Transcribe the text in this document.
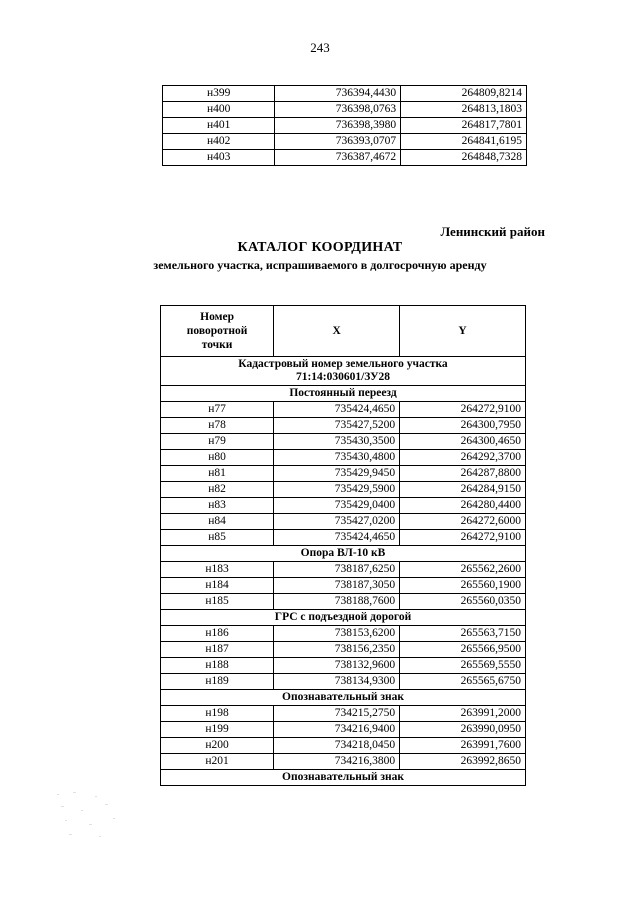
243
н399	736394,4430	264809,8214
н400	736398,0763	264813,1803
н401	736398,3980	264817,7801
н402	736393,0707	264841,6195
н403	736387,4672	264848,7328
Ленинский район
КАТАЛОГ КООРДИНАТ
земельного участка, испрашиваемого в долгосрочную аренду
Номер
поворотной
точки	X	Y

Кадастровый номер земельного участка
71:14:030601/ЗУ28		

Постоянный переезд		
н77	735424,4650	264272,9100
н78	735427,5200	264300,7950
н79	735430,3500	264300,4650
н80	735430,4800	264292,3700
н81	735429,9450	264287,8800
н82	735429,5900	264284,9150
н83	735429,0400	264280,4400
н84	735427,0200	264272,6000
н85	735424,4650	264272,9100
Опора ВЛ-10 кВ		
н183	738187,6250	265562,2600
н184	738187,3050	265560,1900
н185	738188,7600	265560,0350
ГРС с подъездной дорогой		
н186	738153,6200	265563,7150
н187	738156,2350	265566,9500
н188	738132,9600	265569,5550
н189	738134,9300	265565,6750
Опознавательный знак		
н198	734215,2750	263991,2000
н199	734216,9400	263990,0950
н200	734218,0450	263991,7600
н201	734216,3800	263992,8650
Опознавательный знак		
